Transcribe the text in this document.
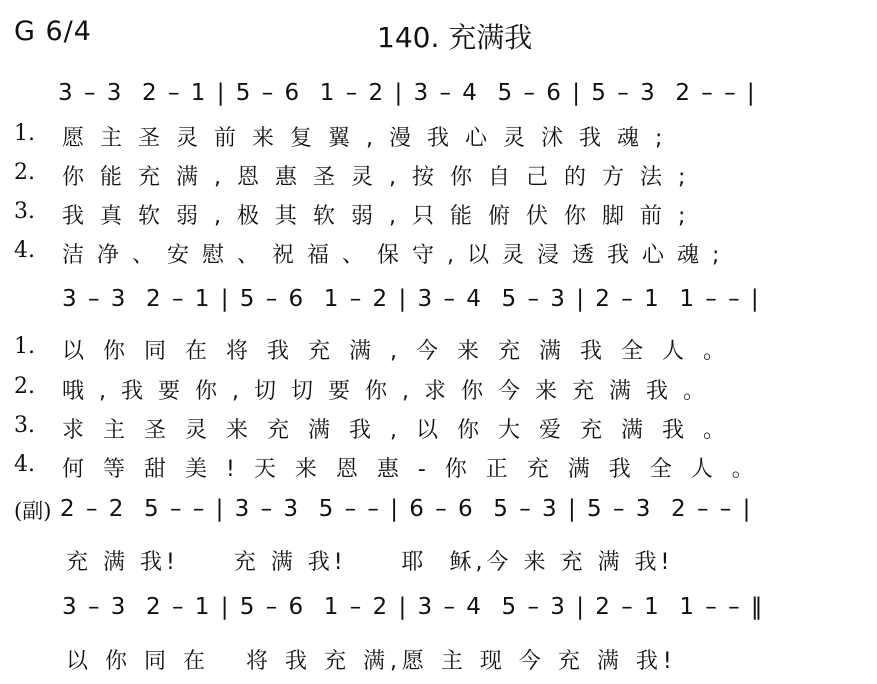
G 6/4	140. 充满我
3 – 3  2 – 1 | 5 – 6  1 – 2 | 3 – 4  5 – 6 | 5 – 3  2 – – |
1. 愿主圣灵前来复翼,漫我心灵沭我魂;
2. 你能充满,恩惠圣灵,按你自己的方法;
3. 我真软弱,极其软弱,只能俯伏你脚前;
4. 洁净、安慰、祝福、保守,以灵浸透我心魂;
3 – 3  2 – 1 | 5 – 6  1 – 2 | 3 – 4  5 – 3 | 2 – 1  1 – – |
1. 以你同在将我充满,今来充满我全人。
2. 哦,我要你,切切要你,求你今来充满我。
3. 求主圣灵来充满我,以你大爱充满我。
4. 何等甜美!天来恩惠-你正充满我全人。
(副) 2 – 2  5 – – | 3 – 3  5 – – | 6 – 6  5 – 3 | 5 – 3  2 – – |
充 满 我!     充 满 我!     耶  稣,今 来 充 满 我!
3 – 3  2 – 1 | 5 – 6  1 – 2 | 3 – 4  5 – 3 | 2 – 1  1 – – ‖
以 你 同 在   将 我 充 满,愿 主 现 今 充 满 我!
